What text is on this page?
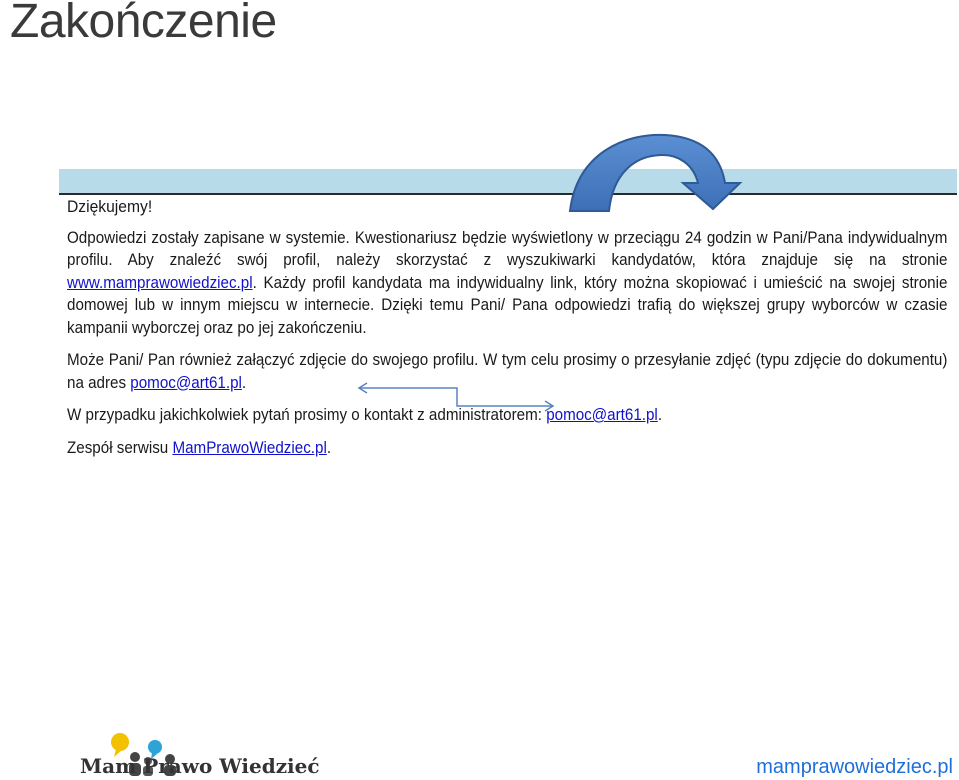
Zakończenie

Dziękujemy!

Odpowiedzi zostały zapisane w systemie. Kwestionariusz będzie wyświetlony w przeciągu 24 godzin w Pani/Pana indywidualnym profilu. Aby znaleźć swój profil, należy skorzystać z wyszukiwarki kandydatów, która znajduje się na stronie www.mamprawowiedziec.pl. Każdy profil kandydata ma indywidualny link, który można skopiować i umieścić na swojej stronie domowej lub w innym miejscu w internecie. Dzięki temu Pani/ Pana odpowiedzi trafią do większej grupy wyborców w czasie kampanii wyborczej oraz po jej zakończeniu.

Może Pani/ Pan również załączyć zdjęcie do swojego profilu. W tym celu prosimy o przesyłanie zdjęć (typu zdjęcie do dokumentu) na adres pomoc@art61.pl.

W przypadku jakichkolwiek pytań prosimy o kontakt z administratorem: pomoc@art61.pl.

Zespół serwisu MamPrawoWiedziec.pl.

Mam Prawo Wiedzieć	mamprawowiedziec.pl
